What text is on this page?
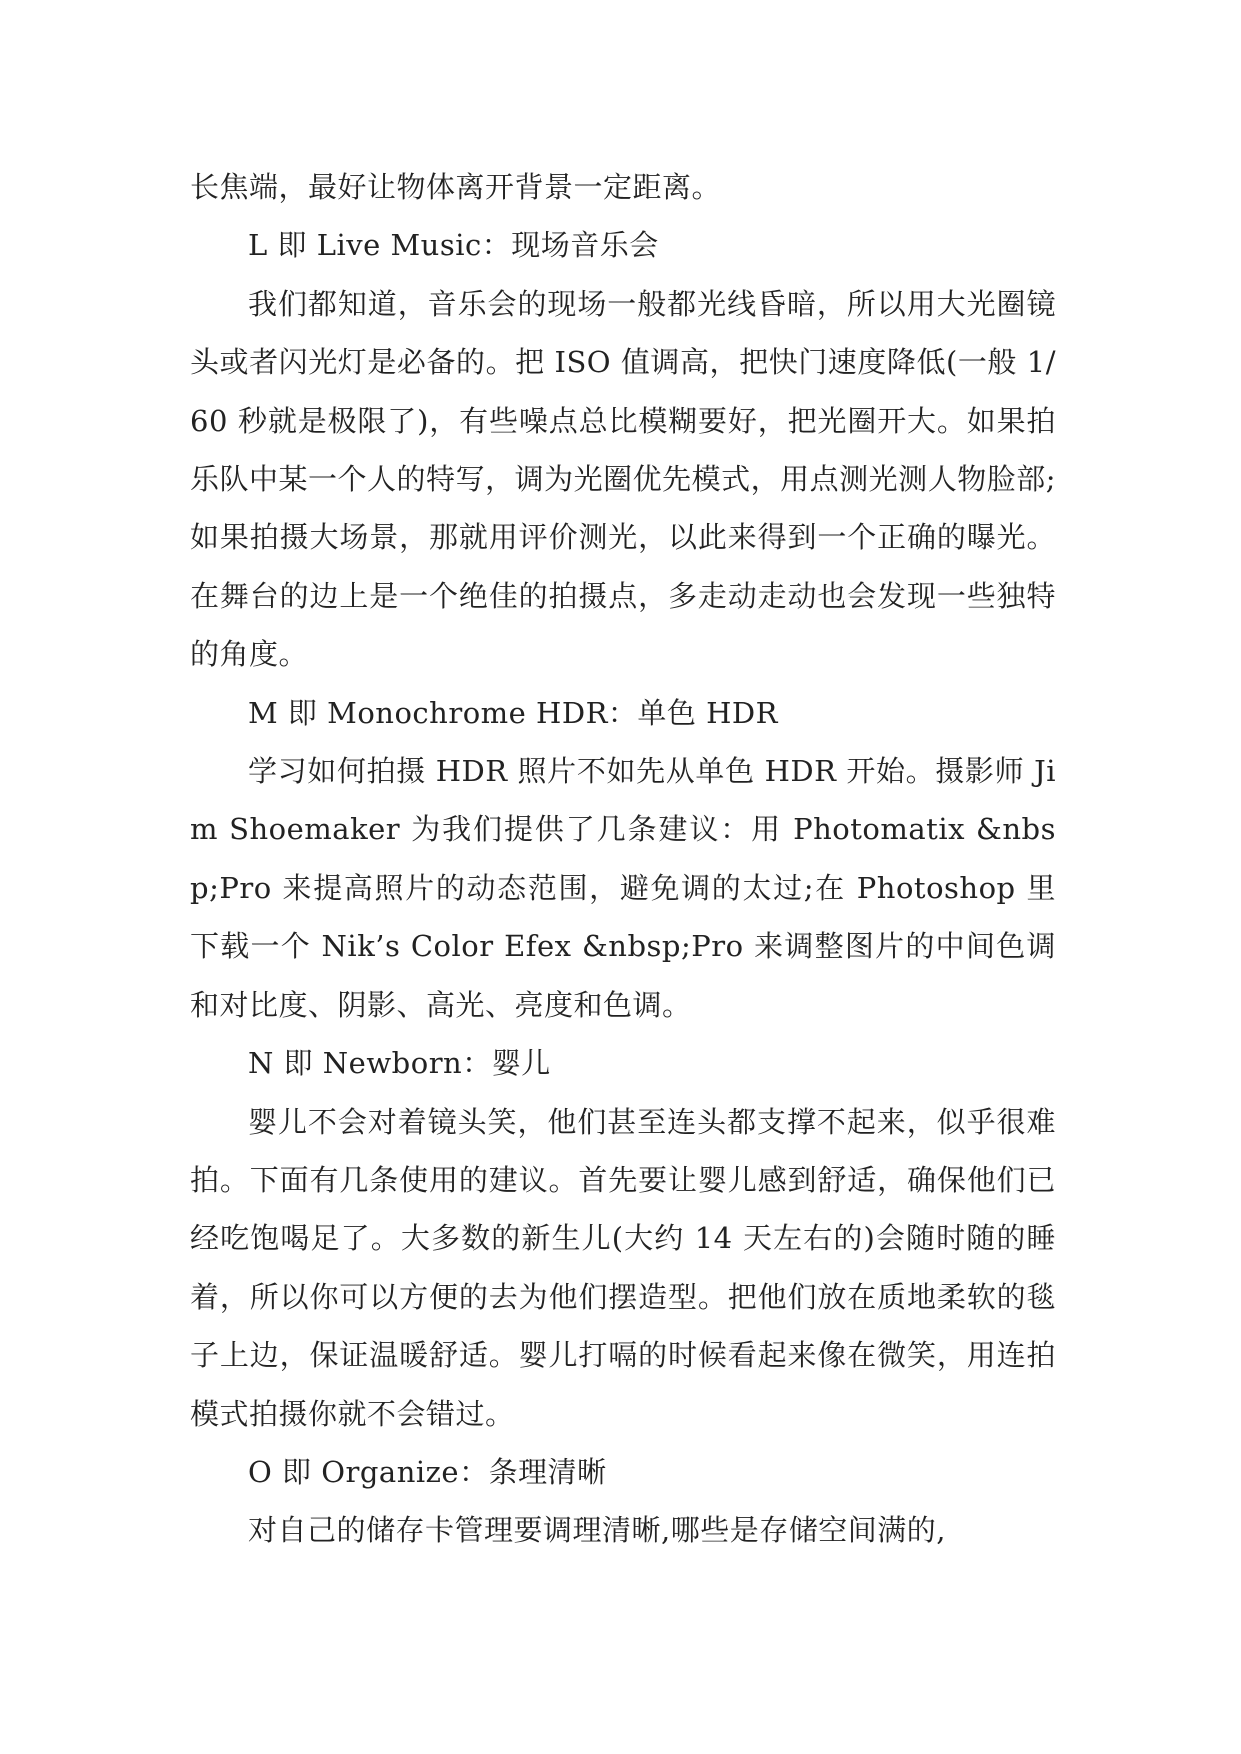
长焦端，最好让物体离开背景一定距离。

L 即 Live Music：现场音乐会

我们都知道，音乐会的现场一般都光线昏暗，所以用大光圈镜头或者闪光灯是必备的。把 ISO 值调高，把快门速度降低(一般 1/60 秒就是极限了)，有些噪点总比模糊要好，把光圈开大。如果拍乐队中某一个人的特写，调为光圈优先模式，用点测光测人物脸部;如果拍摄大场景，那就用评价测光，以此来得到一个正确的曝光。在舞台的边上是一个绝佳的拍摄点，多走动走动也会发现一些独特的角度。

M 即 Monochrome HDR：单色 HDR

学习如何拍摄 HDR 照片不如先从单色 HDR 开始。摄影师 Jim Shoemaker 为我们提供了几条建议：用 Photomatix &nbsp;Pro 来提高照片的动态范围，避免调的太过;在 Photoshop 里下载一个 Nik’s Color Efex &nbsp;Pro 来调整图片的中间色调和对比度、阴影、高光、亮度和色调。

N 即 Newborn：婴儿

婴儿不会对着镜头笑，他们甚至连头都支撑不起来，似乎很难拍。下面有几条使用的建议。首先要让婴儿感到舒适，确保他们已经吃饱喝足了。大多数的新生儿(大约 14 天左右的)会随时随的睡着，所以你可以方便的去为他们摆造型。把他们放在质地柔软的毯子上边，保证温暖舒适。婴儿打嗝的时候看起来像在微笑，用连拍模式拍摄你就不会错过。

O 即 Organize：条理清晰

对自己的储存卡管理要调理清晰,哪些是存储空间满的,
